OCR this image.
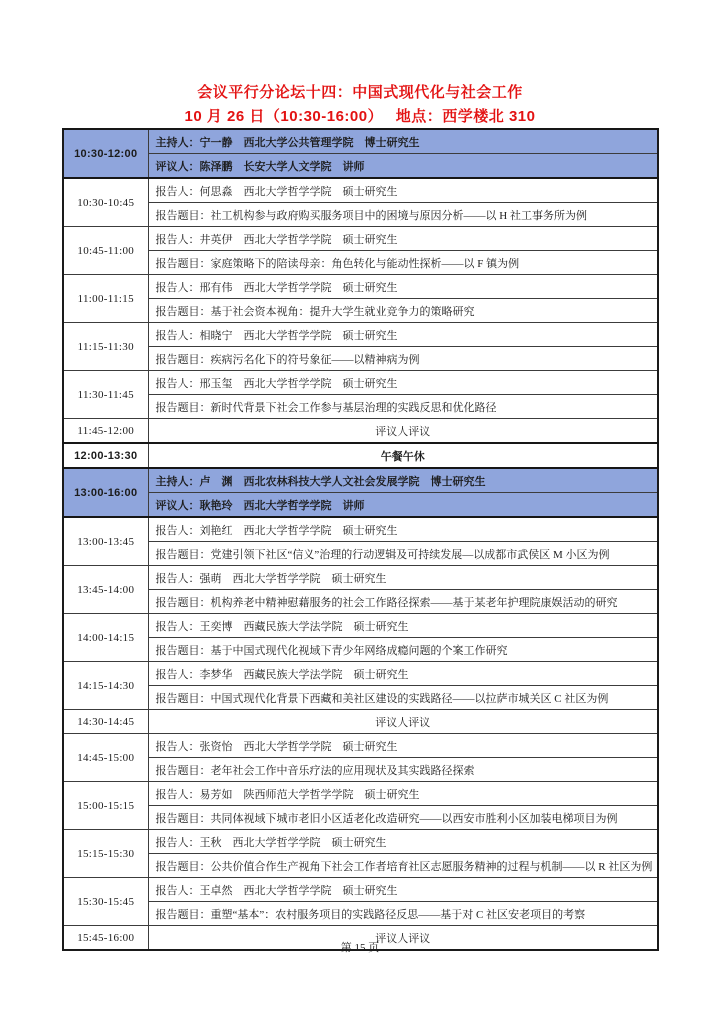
会议平行分论坛十四：中国式现代化与社会工作
10 月 26 日（10:30-16:00）　 地点：西学楼北 310
10:30-12:00	主持人：宁一静　西北大学公共管理学院　博士研究生
	评议人：陈泽鹏　长安大学人文学院　讲师
10:30-10:45	报告人：何思淼　西北大学哲学学院　硕士研究生
	报告题目：社工机构参与政府购买服务项目中的困境与原因分析——以 H 社工事务所为例
10:45-11:00	报告人：井英伊　西北大学哲学学院　硕士研究生
	报告题目：家庭策略下的陪读母亲：角色转化与能动性探析——以 F 镇为例
11:00-11:15	报告人：邢有伟　西北大学哲学学院　硕士研究生
	报告题目：基于社会资本视角：提升大学生就业竞争力的策略研究
11:15-11:30	报告人：相晓宁　西北大学哲学学院　硕士研究生
	报告题目：疾病污名化下的符号象征——以精神病为例
11:30-11:45	报告人：邢玉玺　西北大学哲学学院　硕士研究生
	报告题目：新时代背景下社会工作参与基层治理的实践反思和优化路径
11:45-12:00	评议人评议
12:00-13:30	午餐午休
13:00-16:00	主持人：卢　渊　西北农林科技大学人文社会发展学院　博士研究生
	评议人：耿艳玲　西北大学哲学学院　讲师
13:00-13:45	报告人：刘艳红　西北大学哲学学院　硕士研究生
	报告题目：党建引领下社区“信义”治理的行动逻辑及可持续发展—以成都市武侯区 M 小区为例
13:45-14:00	报告人：强萌　西北大学哲学学院　硕士研究生
	报告题目：机构养老中精神慰藉服务的社会工作路径探索——基于某老年护理院康娱活动的研究
14:00-14:15	报告人：王奕博　西藏民族大学法学院　硕士研究生
	报告题目：基于中国式现代化视域下青少年网络成瘾问题的个案工作研究
14:15-14:30	报告人：李梦华　西藏民族大学法学院　硕士研究生
	报告题目：中国式现代化背景下西藏和美社区建设的实践路径——以拉萨市城关区 C 社区为例
14:30-14:45	评议人评议
14:45-15:00	报告人：张资怡　西北大学哲学学院　硕士研究生
	报告题目：老年社会工作中音乐疗法的应用现状及其实践路径探索
15:00-15:15	报告人：易芳如　陕西师范大学哲学学院　硕士研究生
	报告题目：共同体视域下城市老旧小区适老化改造研究——以西安市胜利小区加装电梯项目为例
15:15-15:30	报告人：王秋　西北大学哲学学院　硕士研究生
	报告题目：公共价值合作生产视角下社会工作者培育社区志愿服务精神的过程与机制——以 R 社区为例
15:30-15:45	报告人：王卓然　西北大学哲学学院　硕士研究生
	报告题目：重塑“基本”：农村服务项目的实践路径反思——基于对 C 社区安老项目的考察
15:45-16:00	评议人评议
第 15 页
